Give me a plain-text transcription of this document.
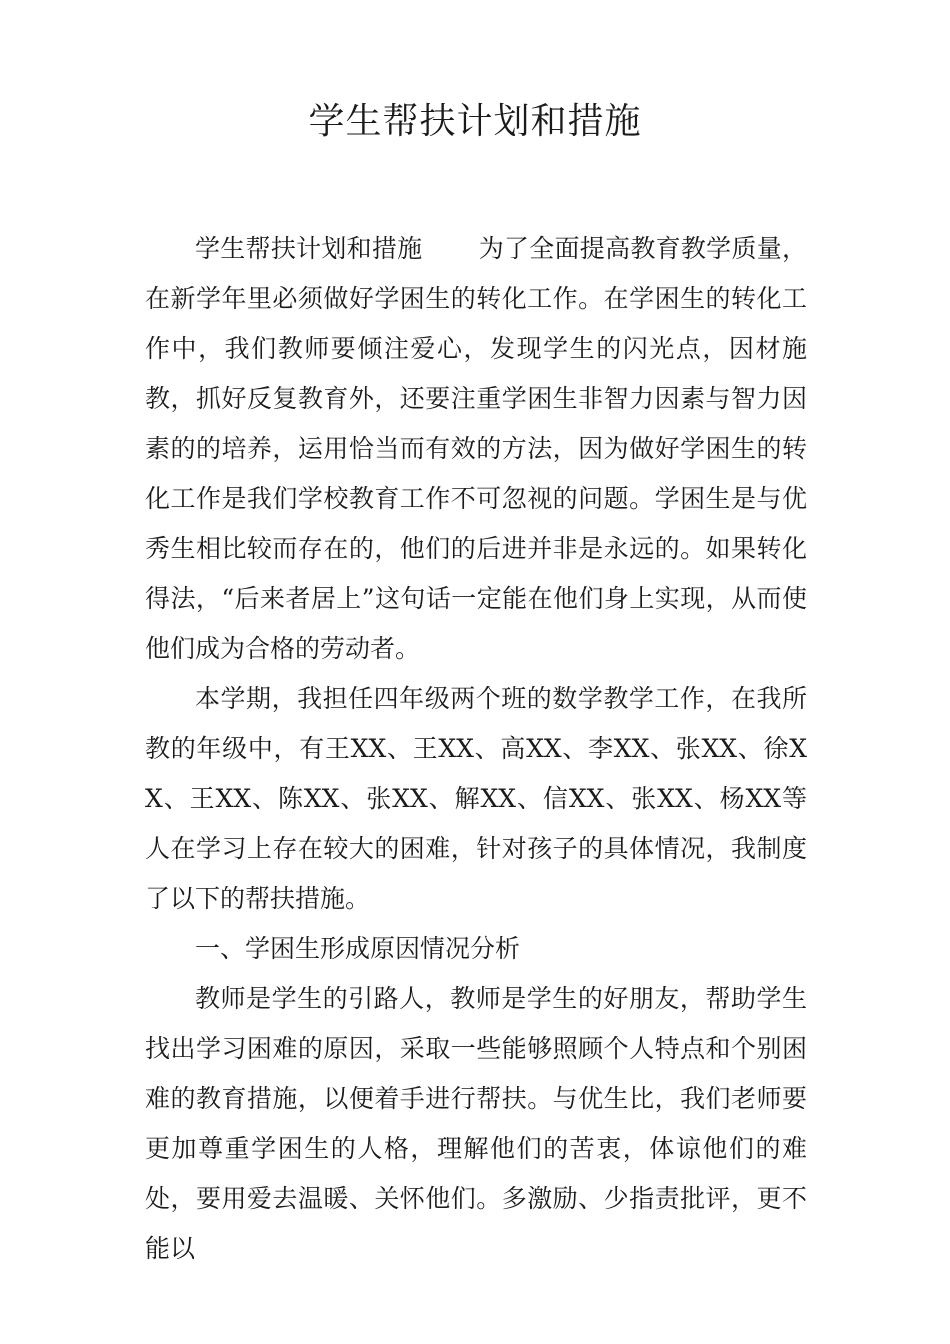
学生帮扶计划和措施

学生帮扶计划和措施 为了全面提高教育教学质量，在新学年里必须做好学困生的转化工作。在学困生的转化工作中，我们教师要倾注爱心，发现学生的闪光点，因材施教，抓好反复教育外，还要注重学困生非智力因素与智力因素的的培养，运用恰当而有效的方法，因为做好学困生的转化工作是我们学校教育工作不可忽视的问题。学困生是与优秀生相比较而存在的，他们的后进并非是永远的。如果转化得法，“后来者居上”这句话一定能在他们身上实现，从而使他们成为合格的劳动者。

本学期，我担任四年级两个班的数学教学工作，在我所教的年级中，有王XX、王XX、高XX、李XX、张XX、徐XX、王XX、陈XX、张XX、解XX、信XX、张XX、杨XX等人在学习上存在较大的困难，针对孩子的具体情况，我制度了以下的帮扶措施。

一、学困生形成原因情况分析

教师是学生的引路人，教师是学生的好朋友，帮助学生找出学习困难的原因，采取一些能够照顾个人特点和个别困难的教育措施，以便着手进行帮扶。与优生比，我们老师要更加尊重学困生的人格，理解他们的苦衷，体谅他们的难处，要用爱去温暖、关怀他们。多激励、少指责批评，更不能以
